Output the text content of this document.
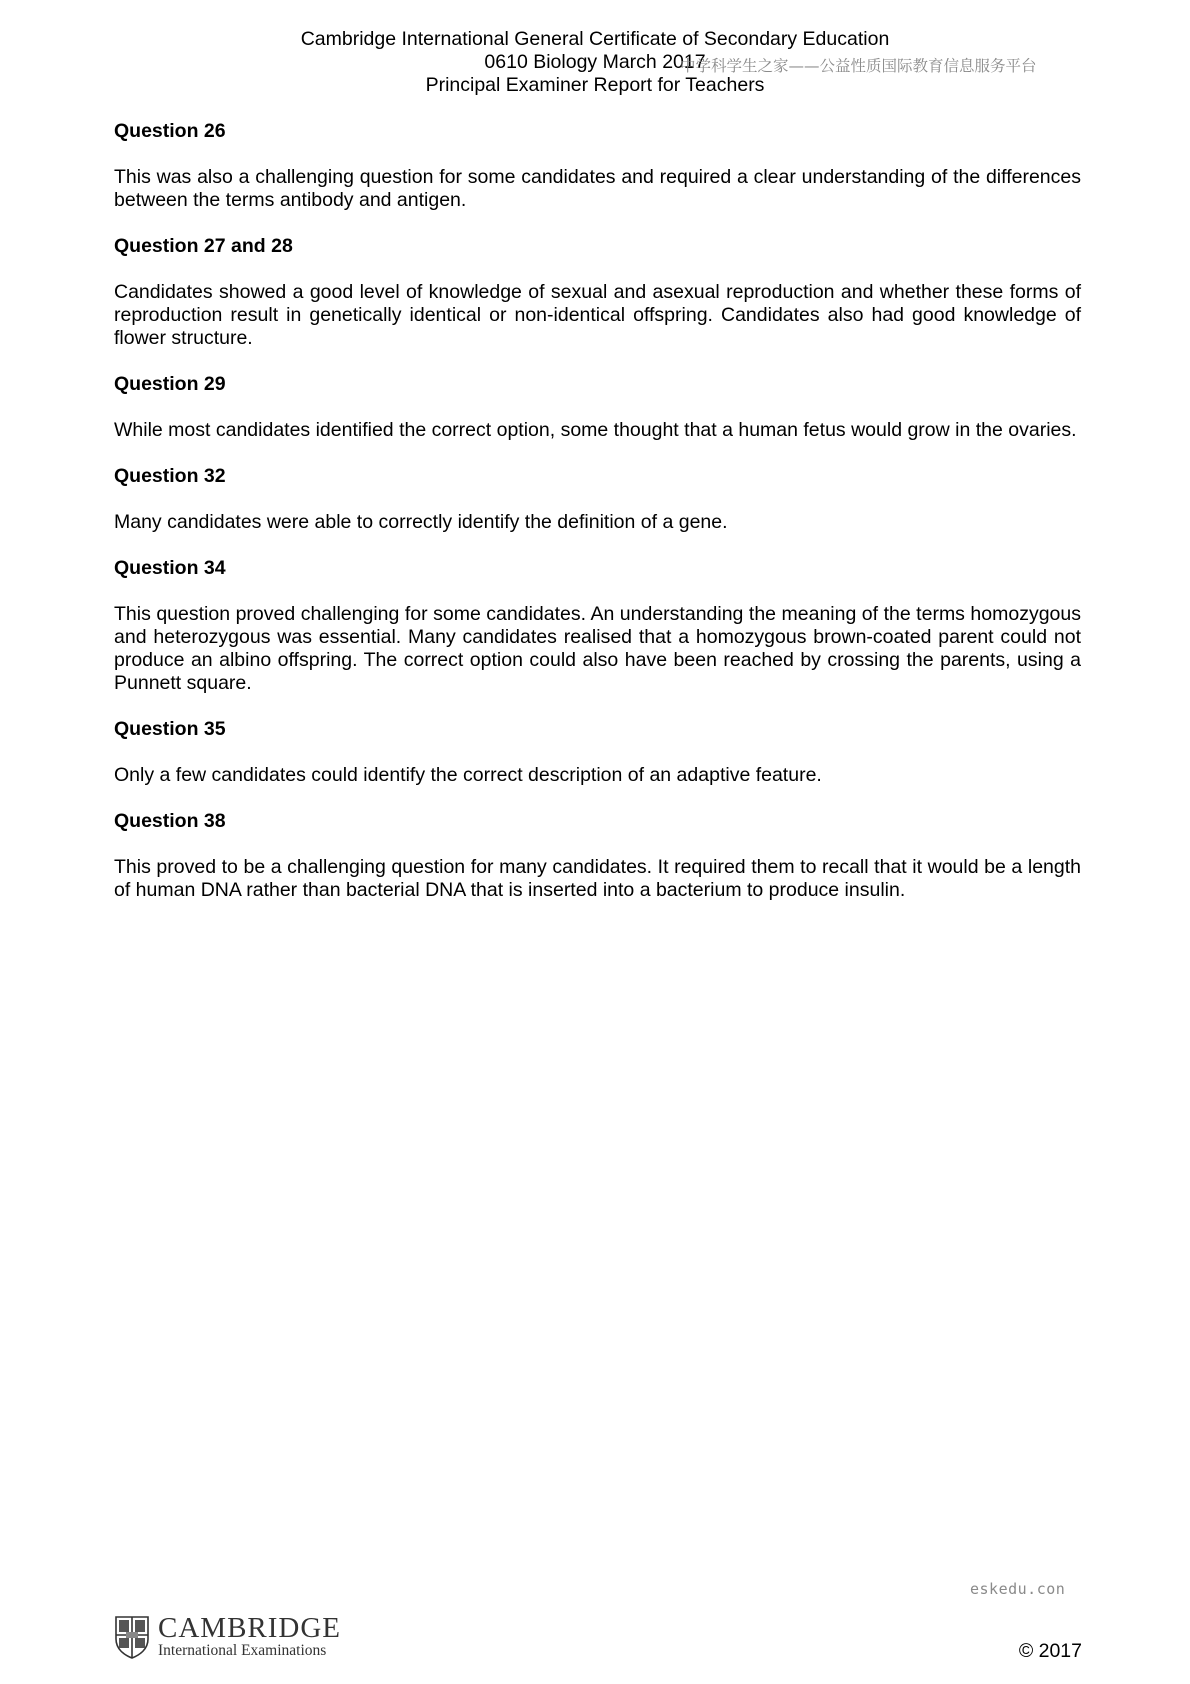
Cambridge International General Certificate of Secondary Education
0610 Biology March 2017
Principal Examiner Report for Teachers
中学科学生之家——公益性质国际教育信息服务平台
Question 26
This was also a challenging question for some candidates and required a clear understanding of the differences between the terms antibody and antigen.
Question 27 and 28
Candidates showed a good level of knowledge of sexual and asexual reproduction and whether these forms of reproduction result in genetically identical or non-identical offspring. Candidates also had good knowledge of flower structure.
Question 29
While most candidates identified the correct option, some thought that a human fetus would grow in the ovaries.
Question 32
Many candidates were able to correctly identify the definition of a gene.
Question 34
This question proved challenging for some candidates. An understanding the meaning of the terms homozygous and heterozygous was essential. Many candidates realised that a homozygous brown-coated parent could not produce an albino offspring. The correct option could also have been reached by crossing the parents, using a Punnett square.
Question 35
Only a few candidates could identify the correct description of an adaptive feature.
Question 38
This proved to be a challenging question for many candidates. It required them to recall that it would be a length of human DNA rather than bacterial DNA that is inserted into a bacterium to produce insulin.
eskedu.con
CAMBRIDGE
International Examinations	© 2017
